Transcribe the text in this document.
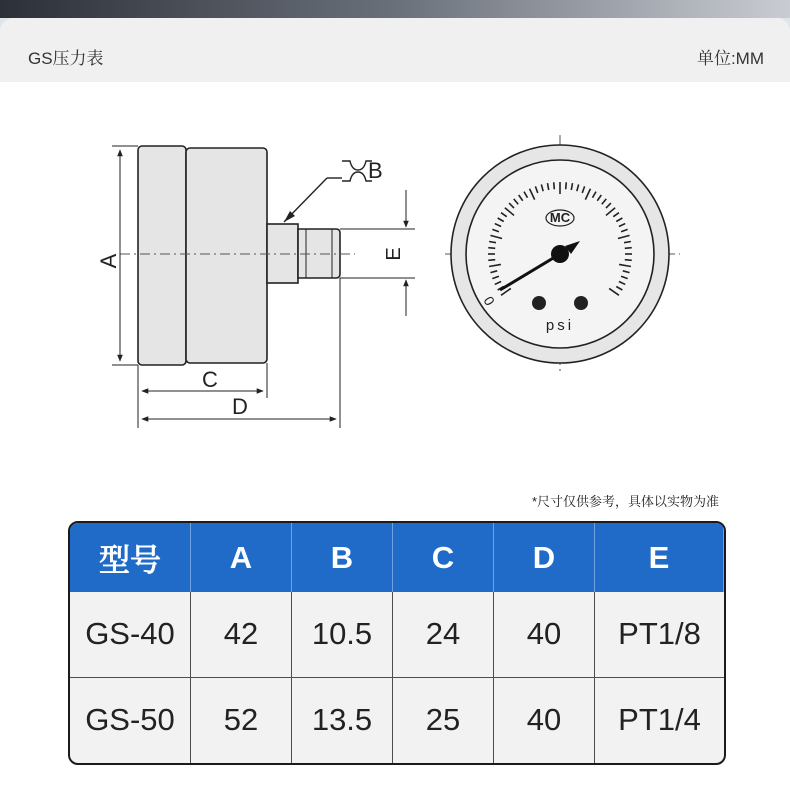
GS压力表	单位:MM
A
B
E
C
D
MC
psi
0
*尺寸仅供参考，具体以实物为准
型号	A	B	C	D	E
GS-40	42	10.5	24	40	PT1/8
GS-50	52	13.5	25	40	PT1/4
